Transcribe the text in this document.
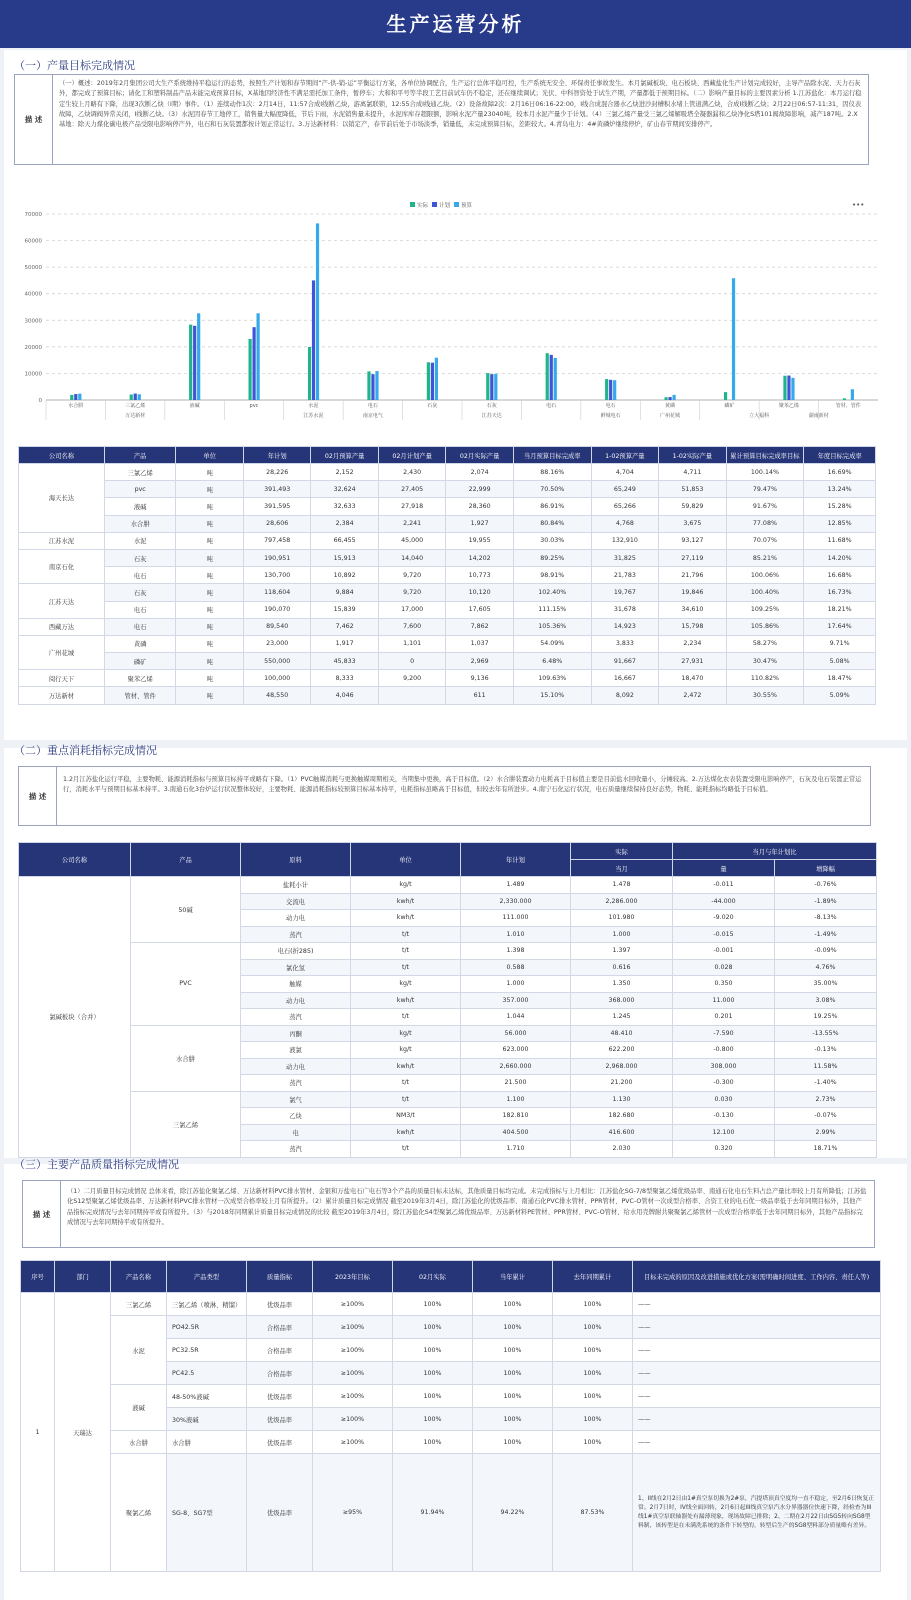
生产运营分析
（一）产量目标完成情况
描 述
（一）概述：2019年2月集团公司大生产系统维持平稳运行的态势，按照生产计划和春节期间“产-供-销-运”平衡运行方案，各单位协调配合，生产运行总体平稳可控，生产系统无安全、环保责任事故发生。本月氯碱板块、电石板块、西藏盐化生产计划完成较好，主导产品除水泥、天力石灰外，都完成了预算目标；请化工和塑料制品产品未能完成预算目标，X基地因经济性不满足需托加工条件，暂停车；大和和平号等半段工艺目前试车仍不稳定，还在继续调试；光伏、中科智资处于试生产期，产量都低于预期目标。（二）影响产量目标的主要因素分析 1.江苏盐化：本月运行稳定生较上月略有下降，出现3次断乙炔（Ⅰ期）事件。（1）连续动作1次：2月14日，11:57合成Ⅰ线断乙炔，游离氯联锁，12:55合成Ⅰ线通乙炔。（2）设备故障2次：2月16日06:16-22:00，Ⅰ线合成混合器水乙炔进沙封槽积水堵上管道满乙炔，合成Ⅰ线断乙炔；2月22日06:57-11:31，因仪表故障，乙炔调阀异常关闭，Ⅰ线断乙炔。（3）水泥因春节工地停工，销售量大幅度降低，节后下雨，水泥销售量未提升，水泥库库存超限额，影响水泥产量23040吨，较本月水泥产量少于计划。（4）三氯乙烯产量受三氯乙烯解吸塔全凝器漏和乙炔净化S塔101阀故障影响，减产187吨。2.X基地：除天力煤化碳电极产品受限电影响停产外，电石和石灰装置都按计划正常运行。3.万达新材料：以销定产，春节前后处于市场淡季，销量低，未完成预算目标，差距较大。4.青岛电力：4#黄磷炉继续停炉，矿山春节期间安排停产。
实际 计划 预算	•••
70000
60000
50000
40000
30000
20000
10000
0
水合肼	三氯乙烯	液碱	pvc	水泥	电石	石灰	石灰	电石	电石	黄磷	磷矿	聚苯乙烯	管材、管件
万达新材	江苏水泥	南京电气	江苏天达	鲜城电石	广州花城	立大福科	湖南新材
公司名称	产品	单位	年计划	02月预算产量	02月计划产量	02月实际产量	当月预算目标完成率	1-02预算产量	1-02实际产量	累计预算目标完成率目标	年度目标完成率
海天长达	三氯乙烯	吨	28,226	2,152	2,430	2,074	88.16%	4,704	4,711	100.14%	16.69%
	pvc	吨	391,493	32,624	27,405	22,999	70.50%	65,249	51,853	79.47%	13.24%
	液碱	吨	391,595	32,633	27,918	28,360	86.91%	65,266	59,829	91.67%	15.28%
	水合肼	吨	28,606	2,384	2,241	1,927	80.84%	4,768	3,675	77.08%	12.85%
江苏水泥	水泥	吨	797,458	66,455	45,000	19,955	30.03%	132,910	93,127	70.07%	11.68%
南京石化	石灰	吨	190,951	15,913	14,040	14,202	89.25%	31,825	27,119	85.21%	14.20%
	电石	吨	130,700	10,892	9,720	10,773	98.91%	21,783	21,796	100.06%	16.68%
江苏天达	石灰	吨	118,604	9,884	9,720	10,120	102.40%	19,767	19,846	100.40%	16.73%
	电石	吨	190,070	15,839	17,000	17,605	111.15%	31,678	34,610	109.25%	18.21%
西藏万达	电石	吨	89,540	7,462	7,600	7,862	105.36%	14,923	15,798	105.86%	17.64%
广州花城	黄磷	吨	23,000	1,917	1,101	1,037	54.09%	3,833	2,234	58.27%	9.71%
	磷矿	吨	550,000	45,833	0	2,969	6.48%	91,667	27,931	30.47%	5.08%
阅行天下	聚苯乙烯	吨	100,000	8,333	9,200	9,136	109.63%	16,667	18,470	110.82%	18.47%
万达新材	管材、管件	吨	48,550	4,046		611	15.10%	8,092	2,472	30.55%	5.09%
（二）重点消耗指标完成情况
描 述
1.2月江苏盐化运行平稳，主要物耗、能源消耗指标与预算目标持平或略有下降。（1）PVC触媒消耗与更换触媒周期相关，当期集中更换，高于目标值。（2）水合肼装置动力电耗高于目标值主要是目前盐水回收量小，分摊较高。2.万达煤化农表装置受限电影响停产，石灰及电石装置正常运行，消耗水平与预期目标基本持平。3.南通石化3台炉运行状况整体较好，主要物耗、能源消耗指标较预算目标基本持平，电耗指标虽略高于目标值，但较去年有所进步。4.南宁石化运行状况，电石质量继续保持良好态势，物耗、能耗指标均略低于目标值。
公司名称	产品	原料	单位	年计划	实际	当月与年计划比	
					当月	量	增降幅
氯碱板块（合并）	50碱	盐耗小计	kg/t	1.489	1.478	-0.011	-0.76%
		交流电	kwh/t	2,330.000	2,286.000	-44.000	-1.89%
		动力电	kwh/t	111.000	101.980	-9.020	-8.13%
		蒸汽	t/t	1.010	1.000	-0.015	-1.49%
	PVC	电石(折285)	t/t	1.398	1.397	-0.001	-0.09%
		氯化氢	t/t	0.588	0.616	0.028	4.76%
		触媒	kg/t	1.000	1.350	0.350	35.00%
		动力电	kwh/t	357.000	368.000	11.000	3.08%
		蒸汽	t/t	1.044	1.245	0.201	19.25%
	水合肼	丙酮	kg/t	56.000	48.410	-7.590	-13.55%
		液氯	kg/t	623.000	622.200	-0.800	-0.13%
		动力电	kwh/t	2,660.000	2,968.000	308.000	11.58%
		蒸汽	t/t	21.500	21.200	-0.300	-1.40%
	三氯乙烯	氯气	t/t	1.100	1.130	0.030	2.73%
		乙炔	NM3/t	182.810	182.680	-0.130	-0.07%
		电	kwh/t	404.500	416.600	12.100	2.99%
		蒸汽	t/t	1.710	2.030	0.320	18.71%
（三）主要产品质量指标完成情况
描 述
（1）二月质量目标完成情况 总体来看，除江苏盐化聚氯乙烯、万达新材料PVC排水管材、金银和万盐电石广电石等3个产品的质量目标未达标，其他质量目标均完成。未完成指标与上月相比：江苏盐化SG-7/8型聚氯乙烯优级品率、南通石化电石生料占总产量比率较上月有所降低；江苏盐化S12型聚氯乙烯优级品率、万达新材料PVC排水管材一次成型合格率较上月有所提升。（2）累计质量目标完成情况 截至2019年3月4日，除江苏盐化的优级品率、南通石化PVC排水管材、PPR管材、PVC-O管材一次成型合格率、合资工业的电石优一级品率低于去年同期目标外，其他产品指标完成情况与去年同期持平或有所提升。（3）与2018年同期累计质量目标完成情况的比较 截至2019年3月4日，除江苏盐化S4型聚氯乙烯优级品率、万达新材料PE管材、PPR管材、PVC-O管材、给水用壳牌耐共聚聚氯乙烯管材一次成型合格率低于去年同期目标外，其他产品指标完成情况与去年同期持平或有所提升。
序号	部门	产品名称	产品类型	质量指标	2023年目标	02月实际	当年累计	去年同期累计	目标未完成的原因及改进措施或优化方案(需明确时间进度、工作内容、责任人等)
1	天瑞达	三氯乙烯	三氯乙烯（喷淋、精馏）	优级品率	≥100%	100%	100%	100%	——
		水泥	PO42.5R	合格品率	≥100%	100%	100%	100%	——
			PC32.5R	合格品率	≥100%	100%	100%	100%	——
			PC42.5	合格品率	≥100%	100%	100%	100%	——
		液碱	48-50%液碱	优级品率	≥100%	100%	100%	100%	——
			30%液碱	优级品率	≥100%	100%	100%	100%	——
		水合肼	水合肼	优级品率	≥100%	100%	100%	100%	——
		聚氯乙烯	SG-8、SG7型	优级品率	≥95%	91.94%	94.22%	87.53%	1、II线在2月2日由1#真空泵切换为2#泵，汽提塔顶真空度均一直不稳定，至2月6日恢复正常。2月7日时，IV线全面回转，2月6日起III线真空泵汽水分界器器位快速下降，经检查为III线1#真空泵联轴器处有漏薄现象，现场故障已排除；2、二期在2月22日由SG5转向SG8型料制，该转型是在未满洗系统的条件下转型的，转型后生产的SG8型料部分质量略有差异。
